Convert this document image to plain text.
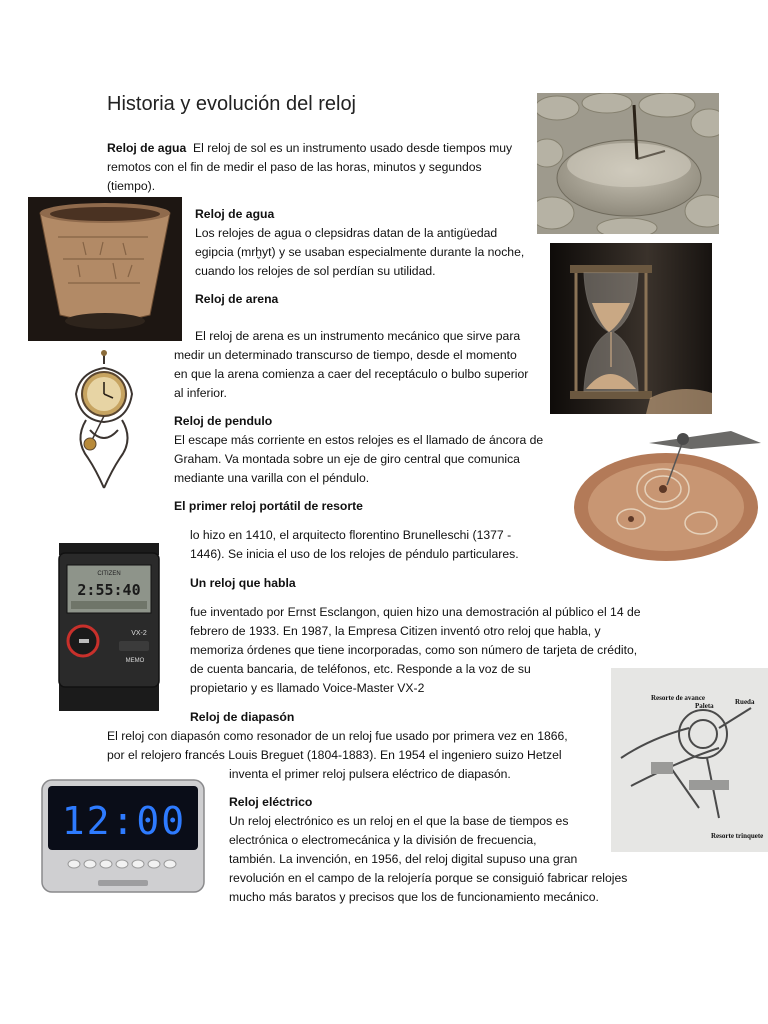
Historia y evolución del reloj
Reloj de agua El reloj de sol es un instrumento usado desde tiempos muy
remotos con el fin de medir el paso de las horas, minutos y segundos
(tiempo).
Reloj de agua
Los relojes de agua o clepsidras datan de la antigüedad
egipcia (mrḫyt) y se usaban especialmente durante la noche,
cuando los relojes de sol perdían su utilidad.
Reloj de arena
El reloj de arena es un instrumento mecánico que sirve para
medir un determinado transcurso de tiempo, desde el momento
en que la arena comienza a caer del receptáculo o bulbo superior
al inferior.
Reloj de pendulo
El escape más corriente en estos relojes es el llamado de áncora de
Graham. Va montada sobre un eje de giro central que comunica
mediante una varilla con el péndulo.
El primer reloj portátil de resorte
lo hizo en 1410, el arquitecto florentino Brunelleschi (1377 -
1446). Se inicia el uso de los relojes de péndulo particulares.
Un reloj que habla
fue inventado por Ernst Esclangon, quien hizo una demostración al público el 14 de
febrero de 1933. En 1987, la Empresa Citizen inventó otro reloj que habla, y
memoriza órdenes que tiene incorporadas, como son número de tarjeta de crédito,
de cuenta bancaria, de teléfonos, etc. Responde a la voz de su
propietario y es llamado Voice-Master VX-2
Reloj de diapasón
El reloj con diapasón como resonador de un reloj fue usado por primera vez en 1866,
por el relojero francés Louis Breguet (1804-1883). En 1954 el ingeniero suizo Hetzel
inventa el primer reloj pulsera eléctrico de diapasón.
Reloj eléctrico
Un reloj electrónico es un reloj en el que la base de tiempos es
electrónica o electromecánica y la división de frecuencia,
también. La invención, en 1956, del reloj digital supuso una gran
revolución en el campo de la relojería porque se consiguió fabricar relojes
mucho más baratos y precisos que los de funcionamiento mecánico.
CITIZEN
2:55:40
VX-2
MEMO
Resorte de avance
Paleta	Rueda
Resorte trinquete
12:00
